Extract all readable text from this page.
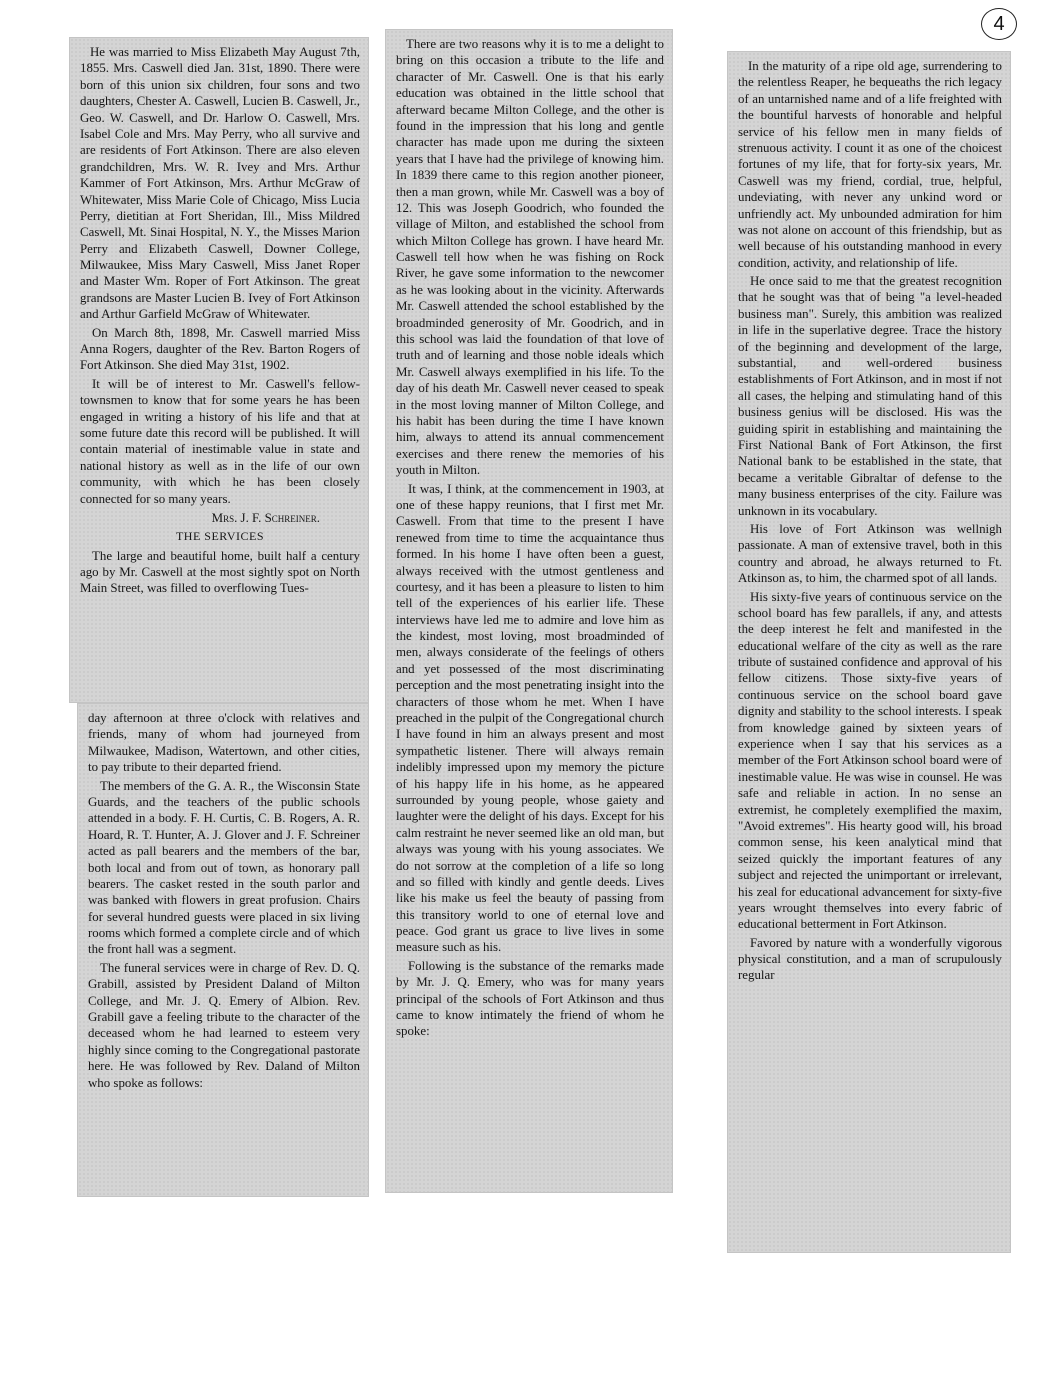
4

He was married to Miss Elizabeth May August 7th, 1855. Mrs. Caswell died Jan. 31st, 1890. There were born of this union six children, four sons and two daughters, Chester A. Caswell, Lucien B. Caswell, Jr., Geo. W. Caswell, and Dr. Harlow O. Caswell, Mrs. Isabel Cole and Mrs. May Perry, who all survive and are residents of Fort Atkinson. There are also eleven grandchildren, Mrs. W. R. Ivey and Mrs. Arthur Kammer of Fort Atkinson, Mrs. Arthur McGraw of Whitewater, Miss Marie Cole of Chicago, Miss Lucia Perry, dietitian at Fort Sheridan, Ill., Miss Mildred Caswell, Mt. Sinai Hospital, N. Y., the Misses Marion Perry and Elizabeth Caswell, Downer College, Milwaukee, Miss Mary Caswell, Miss Janet Roper and Master Wm. Roper of Fort Atkinson. The great grandsons are Master Lucien B. Ivey of Fort Atkinson and Arthur Garfield McGraw of Whitewater.

On March 8th, 1898, Mr. Caswell married Miss Anna Rogers, daughter of the Rev. Barton Rogers of Fort Atkinson. She died May 31st, 1902.

It will be of interest to Mr. Caswell's fellow-townsmen to know that for some years he has been engaged in writing a history of his life and that at some future date this record will be published. It will contain material of inestimable value in state and national history as well as in the life of our own community, with which he has been closely connected for so many years.

Mrs. J. F. Schreiner.

THE SERVICES

The large and beautiful home, built half a century ago by Mr. Caswell at the most sightly spot on North Main Street, was filled to overflowing Tues-

day afternoon at three o'clock with relatives and friends, many of whom had journeyed from Milwaukee, Madison, Watertown, and other cities, to pay tribute to their departed friend.

The members of the G. A. R., the Wisconsin State Guards, and the teachers of the public schools attended in a body. F. H. Curtis, C. B. Rogers, A. R. Hoard, R. T. Hunter, A. J. Glover and J. F. Schreiner acted as pall bearers and the members of the bar, both local and from out of town, as honorary pall bearers. The casket rested in the south parlor and was banked with flowers in great profusion. Chairs for several hundred guests were placed in six living rooms which formed a complete circle and of which the front hall was a segment.

The funeral services were in charge of Rev. D. Q. Grabill, assisted by President Daland of Milton College, and Mr. J. Q. Emery of Albion. Rev. Grabill gave a feeling tribute to the character of the deceased whom he had learned to esteem very highly since coming to the Congregational pastorate here. He was followed by Rev. Daland of Milton who spoke as follows:

There are two reasons why it is to me a delight to bring on this occasion a tribute to the life and character of Mr. Caswell. One is that his early education was obtained in the little school that afterward became Milton College, and the other is found in the impression that his long and gentle character has made upon me during the sixteen years that I have had the privilege of knowing him. In 1839 there came to this region another pioneer, then a man grown, while Mr. Caswell was a boy of 12. This was Joseph Goodrich, who founded the village of Milton, and established the school from which Milton College has grown. I have heard Mr. Caswell tell how when he was fishing on Rock River, he gave some information to the newcomer as he was looking about in the vicinity. Afterwards Mr. Caswell attended the school established by the broadminded generosity of Mr. Goodrich, and in this school was laid the foundation of that love of truth and of learning and those noble ideals which Mr. Caswell always exemplified in his life. To the day of his death Mr. Caswell never ceased to speak in the most loving manner of Milton College, and his habit has been during the time I have known him, always to attend its annual commencement exercises and there renew the memories of his youth in Milton.

It was, I think, at the commencement in 1903, at one of these happy reunions, that I first met Mr. Caswell. From that time to the present I have renewed from time to time the acquaintance thus formed. In his home I have often been a guest, always received with the utmost gentleness and courtesy, and it has been a pleasure to listen to him tell of the experiences of his earlier life. These interviews have led me to admire and love him as the kindest, most loving, most broadminded of men, always considerate of the feelings of others and yet possessed of the most discriminating perception and the most penetrating insight into the characters of those whom he met. When I have preached in the pulpit of the Congregational church I have found in him an always present and most sympathetic listener. There will always remain indelibly impressed upon my memory the picture of his happy life in his home, as he appeared surrounded by young people, whose gaiety and laughter were the delight of his days. Except for his calm restraint he never seemed like an old man, but always was young with his young associates. We do not sorrow at the completion of a life so long and so filled with kindly and gentle deeds. Lives like his make us feel the beauty of passing from this transitory world to one of eternal love and peace. God grant us grace to live lives in some measure such as his.

Following is the substance of the remarks made by Mr. J. Q. Emery, who was for many years principal of the schools of Fort Atkinson and thus came to know intimately the friend of whom he spoke:

In the maturity of a ripe old age, surrendering to the relentless Reaper, he bequeaths the rich legacy of an untarnished name and of a life freighted with the bountiful harvests of honorable and helpful service of his fellow men in many fields of strenuous activity. I count it as one of the choicest fortunes of my life, that for forty-six years, Mr. Caswell was my friend, cordial, true, helpful, undeviating, with never any unkind word or unfriendly act. My unbounded admiration for him was not alone on account of this friendship, but as well because of his outstanding manhood in every condition, activity, and relationship of life.

He once said to me that the greatest recognition that he sought was that of being "a level-headed business man". Surely, this ambition was realized in life in the superlative degree. Trace the history of the beginning and development of the large, substantial, and well-ordered business establishments of Fort Atkinson, and in most if not all cases, the helping and stimulating hand of this business genius will be disclosed. His was the guiding spirit in establishing and maintaining the First National Bank of Fort Atkinson, the first National bank to be established in the state, that became a veritable Gibraltar of defense to the many business enterprises of the city. Failure was unknown in its vocabulary.

His love of Fort Atkinson was wellnigh passionate. A man of extensive travel, both in this country and abroad, he always returned to Ft. Atkinson as, to him, the charmed spot of all lands.

His sixty-five years of continuous service on the school board has few parallels, if any, and attests the deep interest he felt and manifested in the educational welfare of the city as well as the rare tribute of sustained confidence and approval of his fellow citizens. Those sixty-five years of continuous service on the school board gave dignity and stability to the school interests. I speak from knowledge gained by sixteen years of experience when I say that his services as a member of the Fort Atkinson school board were of inestimable value. He was wise in counsel. He was safe and reliable in action. In no sense an extremist, he completely exemplified the maxim, "Avoid extremes". His hearty good will, his broad common sense, his keen analytical mind that seized quickly the important features of any subject and rejected the unimportant or irrelevant, his zeal for educational advancement for sixty-five years wrought themselves into every fabric of educational betterment in Fort Atkinson.

Favored by nature with a wonderfully vigorous physical constitution, and a man of scrupulously regular
